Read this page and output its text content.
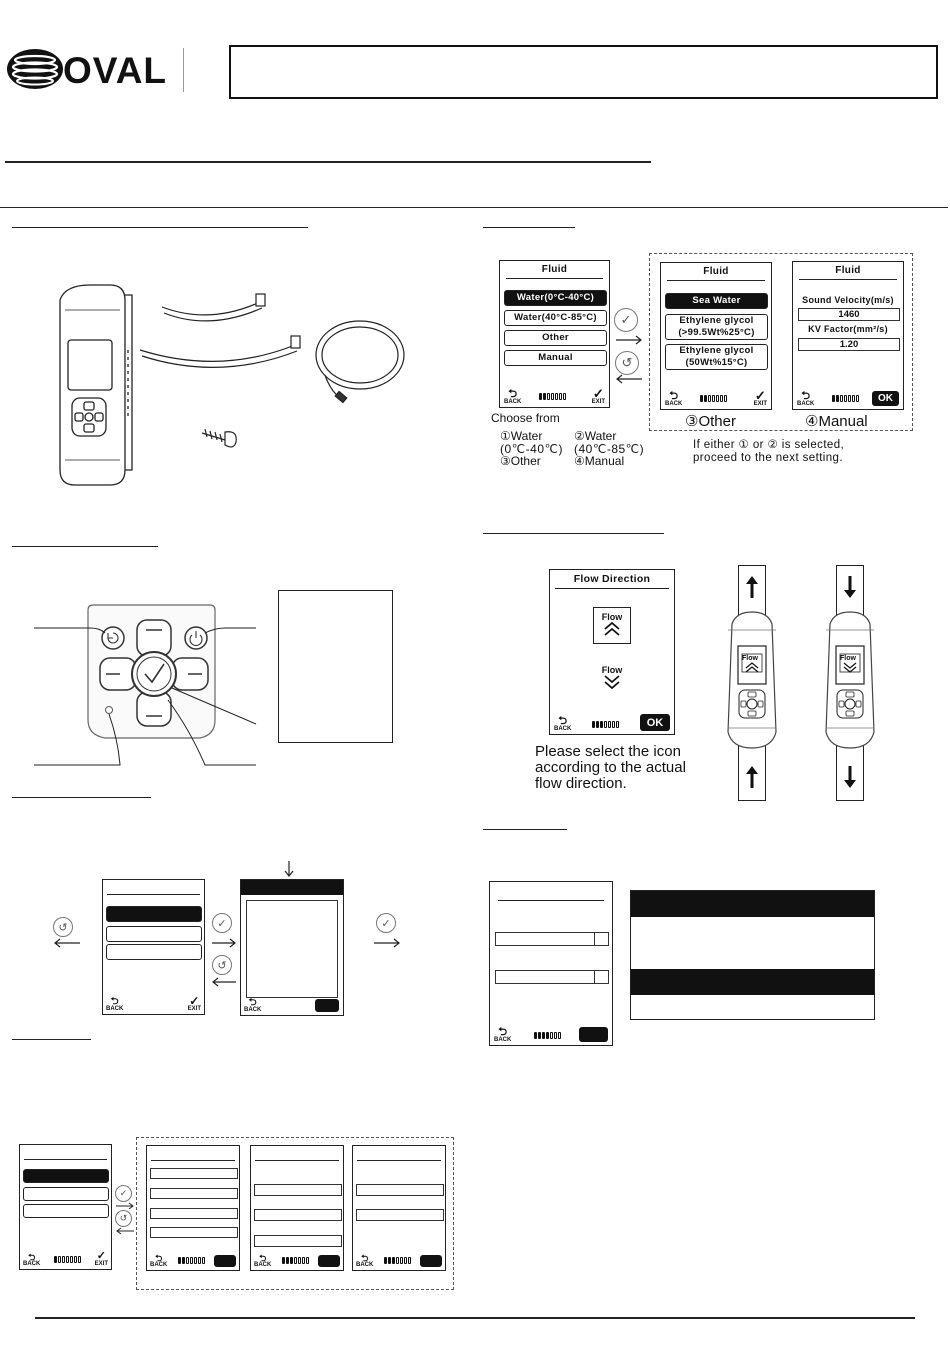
OVAL
↺
⮌
BACK
✓
EXIT
✓
↺
⮌
BACK
✓
⮌
BACK
✓
EXIT
✓
↺
⮌
BACK
⮌
BACK
⮌
BACK
Fluid
Water(0°C-40°C)
Water(40°C-85°C)
Other
Manual
⮌
BACK
✓
EXIT
✓
↺
Fluid
Sea Water
Ethylene glycol
(>99.5Wt%25°C)
Ethylene glycol
(50Wt%15°C)
⮌
BACK
✓
EXIT
③Other
Fluid
Sound Velocity(m/s)
1460
KV Factor(mm²/s)
1.20
⮌
BACK	OK
④Manual
Choose from
①Water	②Water
(0℃-40℃) (40℃-85℃)
③Other	④Manual
If either ① or ② is selected,
proceed to the next setting.
Flow Direction
Flow
Flow
⮌
BACK
OK
Please select the icon
according to the actual
flow direction.
Flow	Flow
⮌
BACK
